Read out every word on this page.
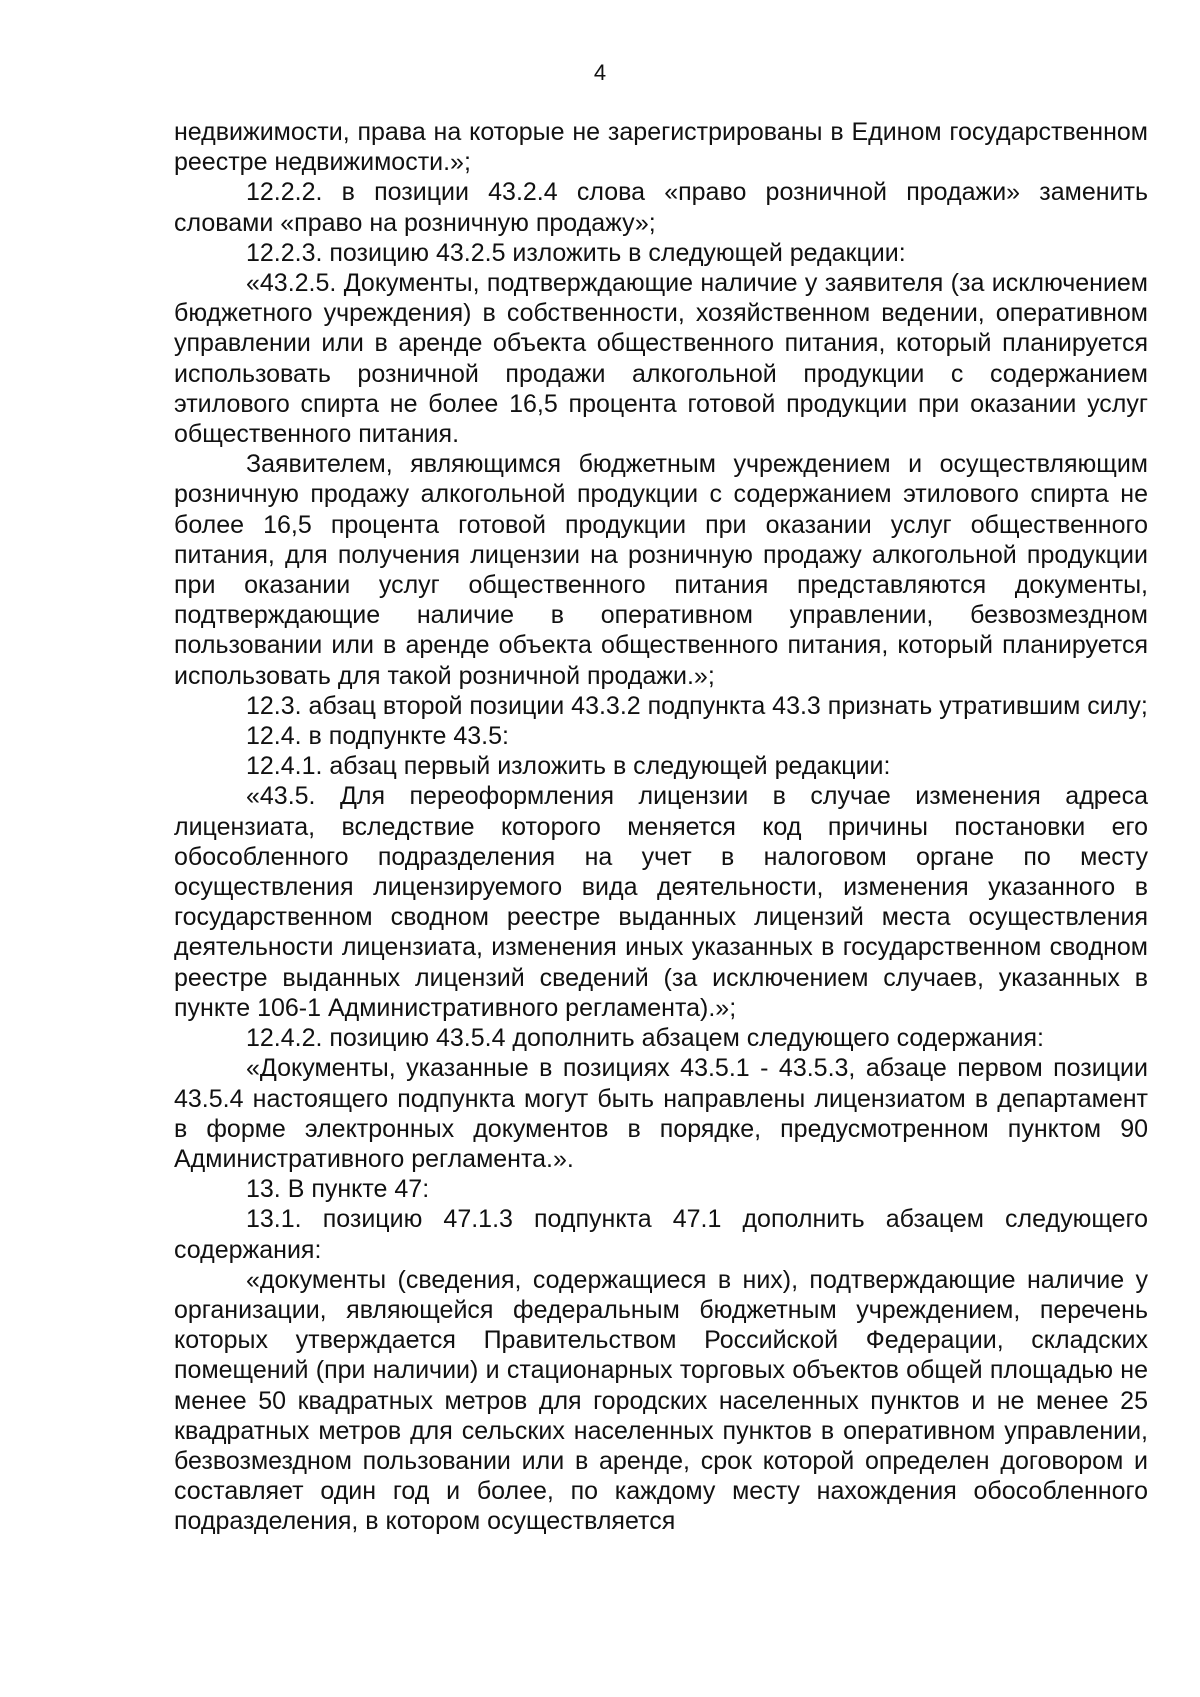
4

недвижимости, права на которые не зарегистрированы в Едином государственном реестре недвижимости.»;

12.2.2. в позиции 43.2.4 слова «право розничной продажи» заменить словами «право на розничную продажу»;

12.2.3. позицию 43.2.5 изложить в следующей редакции:

«43.2.5. Документы, подтверждающие наличие у заявителя (за исключением бюджетного учреждения) в собственности, хозяйственном ведении, оперативном управлении или в аренде объекта общественного питания, который планируется использовать розничной продажи алкогольной продукции с содержанием этилового спирта не более 16,5 процента готовой продукции при оказании услуг общественного питания.

Заявителем, являющимся бюджетным учреждением и осуществляющим розничную продажу алкогольной продукции с содержанием этилового спирта не более 16,5 процента готовой продукции при оказании услуг общественного питания, для получения лицензии на розничную продажу алкогольной продукции при оказании услуг общественного питания представляются документы, подтверждающие наличие в оперативном управлении, безвозмездном пользовании или в аренде объекта общественного питания, который планируется использовать для такой розничной продажи.»;

12.3. абзац второй позиции 43.3.2 подпункта 43.3 признать утратившим силу;

12.4. в подпункте 43.5:

12.4.1. абзац первый изложить в следующей редакции:

«43.5. Для переоформления лицензии в случае изменения адреса лицензиата, вследствие которого меняется код причины постановки его обособленного подразделения на учет в налоговом органе по месту осуществления лицензируемого вида деятельности, изменения указанного в государственном сводном реестре выданных лицензий места осуществления деятельности лицензиата, изменения иных указанных в государственном сводном реестре выданных лицензий сведений (за исключением случаев, указанных в пункте 106-1 Административного регламента).»;

12.4.2. позицию 43.5.4 дополнить абзацем следующего содержания:

«Документы, указанные в позициях 43.5.1 - 43.5.3, абзаце первом позиции 43.5.4 настоящего подпункта могут быть направлены лицензиатом в департамент в форме электронных документов в порядке, предусмотренном пунктом 90 Административного регламента.».

13. В пункте 47:

13.1. позицию 47.1.3 подпункта 47.1 дополнить абзацем следующего содержания:

«документы (сведения, содержащиеся в них), подтверждающие наличие у организации, являющейся федеральным бюджетным учреждением, перечень которых утверждается Правительством Российской Федерации, складских помещений (при наличии) и стационарных торговых объектов общей площадью не менее 50 квадратных метров для городских населенных пунктов и не менее 25 квадратных метров для сельских населенных пунктов в оперативном управлении, безвозмездном пользовании или в аренде, срок которой определен договором и составляет один год и более, по каждому месту нахождения обособленного подразделения, в котором осуществляется
